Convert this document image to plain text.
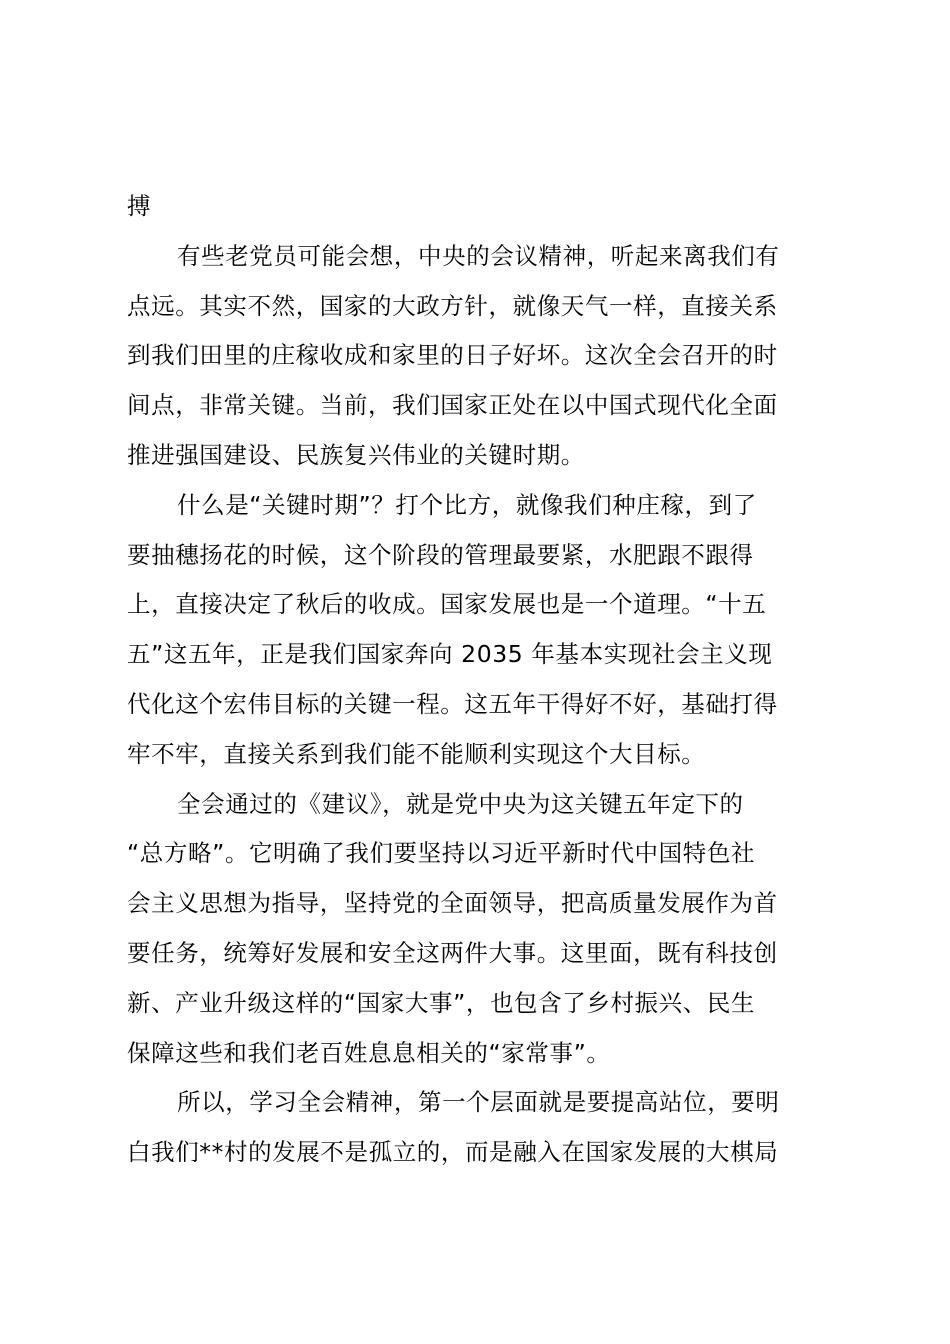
搏
有些老党员可能会想，中央的会议精神，听起来离我们有
点远。其实不然，国家的大政方针，就像天气一样，直接关系
到我们田里的庄稼收成和家里的日子好坏。这次全会召开的时
间点，非常关键。当前，我们国家正处在以中国式现代化全面
推进强国建设、民族复兴伟业的关键时期。
什么是“关键时期”？打个比方，就像我们种庄稼，到了
要抽穗扬花的时候，这个阶段的管理最要紧，水肥跟不跟得
上，直接决定了秋后的收成。国家发展也是一个道理。“十五
五”这五年，正是我们国家奔向 2035 年基本实现社会主义现
代化这个宏伟目标的关键一程。这五年干得好不好，基础打得
牢不牢，直接关系到我们能不能顺利实现这个大目标。
全会通过的《建议》，就是党中央为这关键五年定下的
“总方略”。它明确了我们要坚持以习近平新时代中国特色社
会主义思想为指导，坚持党的全面领导，把高质量发展作为首
要任务，统筹好发展和安全这两件大事。这里面，既有科技创
新、产业升级这样的“国家大事”，也包含了乡村振兴、民生
保障这些和我们老百姓息息相关的“家常事”。
所以，学习全会精神，第一个层面就是要提高站位，要明
白我们**村的发展不是孤立的，而是融入在国家发展的大棋局
